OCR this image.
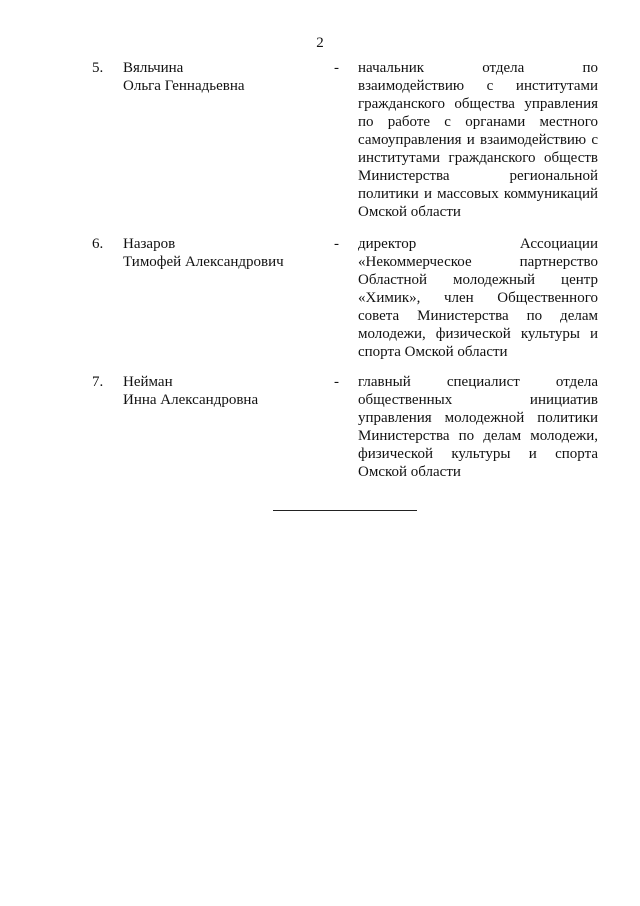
2
5. Вяльчина
Ольга Геннадьевна
- начальник отдела по взаимодействию с институтами гражданского общества управления по работе с органами местного самоуправления и взаимодействию с институтами гражданского обществ Министерства региональной политики и массовых коммуникаций Омской области
6. Назаров
Тимофей Александрович
- директор Ассоциации «Некоммерческое партнерство Областной молодежный центр «Химик», член Общественного совета Министерства по делам молодежи, физической культуры и спорта Омской области
7. Нейман
Инна Александровна
- главный специалист отдела общественных инициатив управления молодежной политики Министерства по делам молодежи, физической культуры и спорта Омской области
